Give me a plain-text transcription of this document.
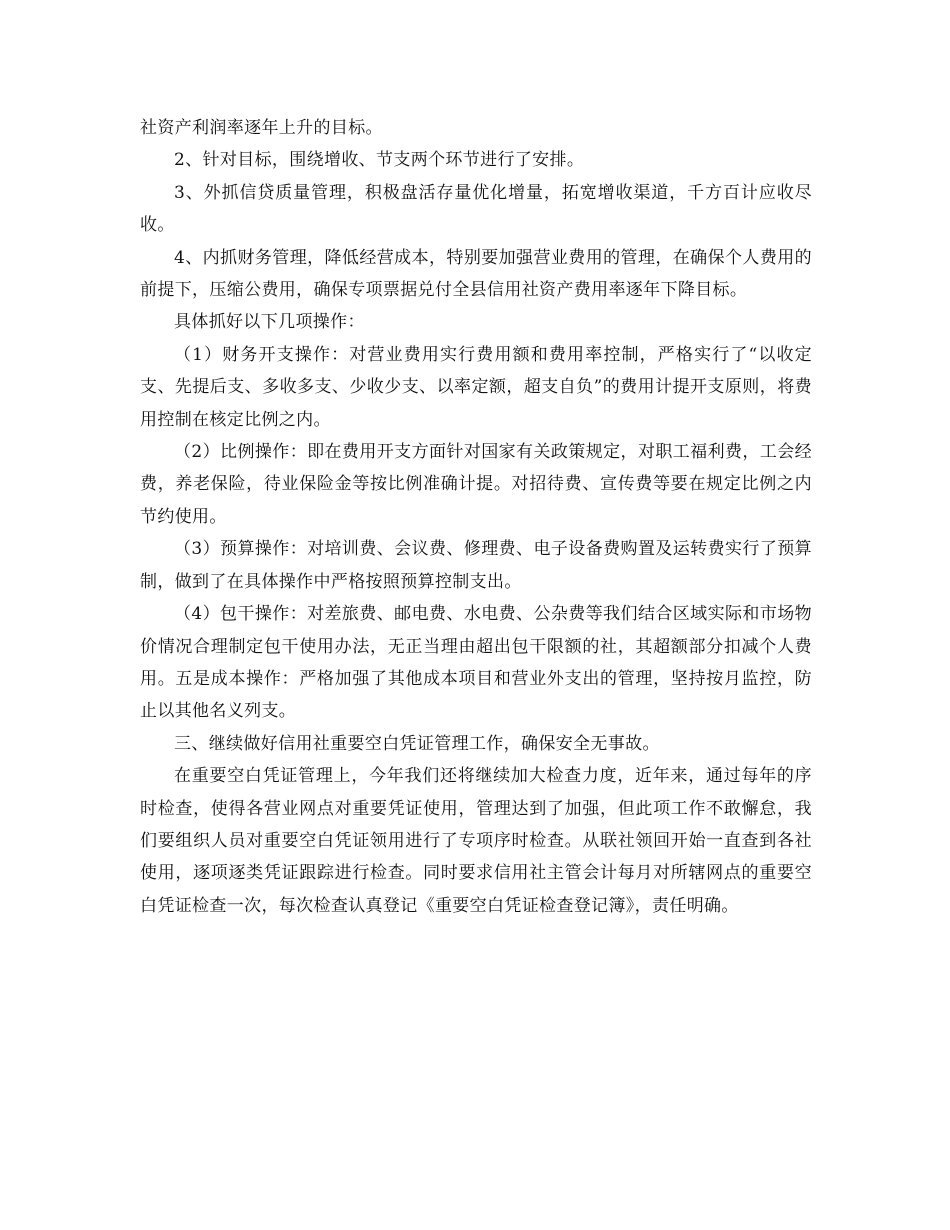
社资产利润率逐年上升的目标。

2、针对目标，围绕增收、节支两个环节进行了安排。

3、外抓信贷质量管理，积极盘活存量优化增量，拓宽增收渠道，千方百计应收尽收。

4、内抓财务管理，降低经营成本，特别要加强营业费用的管理，在确保个人费用的前提下，压缩公费用，确保专项票据兑付全县信用社资产费用率逐年下降目标。

具体抓好以下几项操作：

（1）财务开支操作：对营业费用实行费用额和费用率控制，严格实行了“以收定支、先提后支、多收多支、少收少支、以率定额，超支自负”的费用计提开支原则，将费用控制在核定比例之内。

（2）比例操作：即在费用开支方面针对国家有关政策规定，对职工福利费，工会经费，养老保险，待业保险金等按比例准确计提。对招待费、宣传费等要在规定比例之内节约使用。

（3）预算操作：对培训费、会议费、修理费、电子设备费购置及运转费实行了预算制，做到了在具体操作中严格按照预算控制支出。

（4）包干操作：对差旅费、邮电费、水电费、公杂费等我们结合区域实际和市场物价情况合理制定包干使用办法，无正当理由超出包干限额的社，其超额部分扣减个人费用。五是成本操作：严格加强了其他成本项目和营业外支出的管理，坚持按月监控，防止以其他名义列支。

三、继续做好信用社重要空白凭证管理工作，确保安全无事故。

在重要空白凭证管理上，今年我们还将继续加大检查力度，近年来，通过每年的序时检查，使得各营业网点对重要凭证使用，管理达到了加强，但此项工作不敢懈怠，我们要组织人员对重要空白凭证领用进行了专项序时检查。从联社领回开始一直查到各社使用，逐项逐类凭证跟踪进行检查。同时要求信用社主管会计每月对所辖网点的重要空白凭证检查一次，每次检查认真登记《重要空白凭证检查登记簿》，责任明确。
